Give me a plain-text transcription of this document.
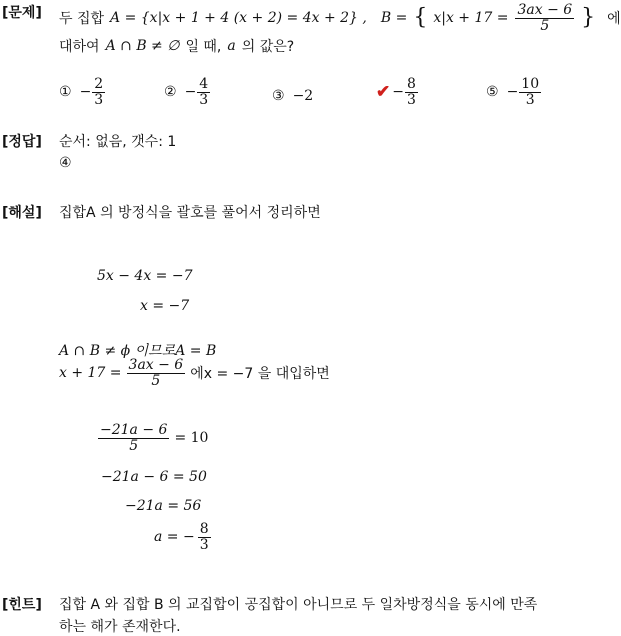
[문제]
[정답]
[해설]
[힌트]
두 집합 A = {x|x + 1 + 4 (x + 2) = 4x + 2} , B = { $x|x + 17 = \frac{3ax - 6}{5}$ } 에
대하여 A ∩ B ≠ ∅ 일 때, a 의 값은?
① − $\frac{2}{3}$	② − $\frac{4}{3}$	③ −2	✔ − $\frac{8}{3}$	⑤ − $\frac{10}{3}$
순서: 없음, 갯수: 1
④
집합A 의 방정식을 괄호를 풀어서 정리하면
5x − 4x = −7
x = −7
A ∩ B ≠ ϕ 이므로A = B
$x + 17 = \frac{3ax - 6}{5}$ 에x = −7 을 대입하면
$\frac{-21a - 6}{5} = 10$
−21a − 6 = 50
−21a = 56
a = − $\frac{8}{3}$
집합 A 와 집합 B 의 교집합이 공집합이 아니므로 두 일차방정식을 동시에 만족
하는 해가 존재한다.
